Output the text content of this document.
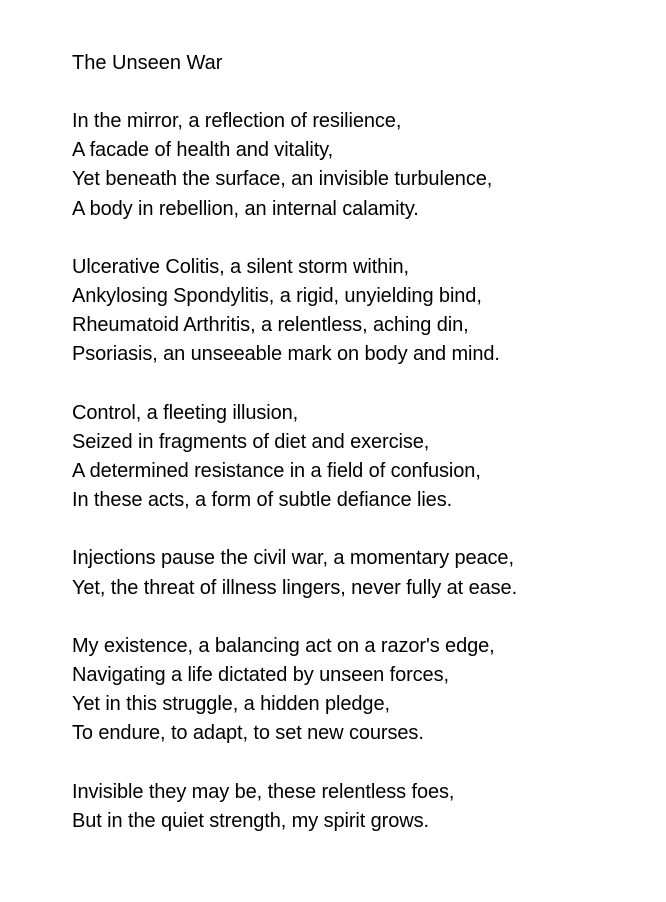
The Unseen War
In the mirror, a reflection of resilience,
A facade of health and vitality,
Yet beneath the surface, an invisible turbulence,
A body in rebellion, an internal calamity.
Ulcerative Colitis, a silent storm within,
Ankylosing Spondylitis, a rigid, unyielding bind,
Rheumatoid Arthritis, a relentless, aching din,
Psoriasis, an unseeable mark on body and mind.
Control, a fleeting illusion,
Seized in fragments of diet and exercise,
A determined resistance in a field of confusion,
In these acts, a form of subtle defiance lies.
Injections pause the civil war, a momentary peace,
Yet, the threat of illness lingers, never fully at ease.
My existence, a balancing act on a razor's edge,
Navigating a life dictated by unseen forces,
Yet in this struggle, a hidden pledge,
To endure, to adapt, to set new courses.
Invisible they may be, these relentless foes,
But in the quiet strength, my spirit grows.
